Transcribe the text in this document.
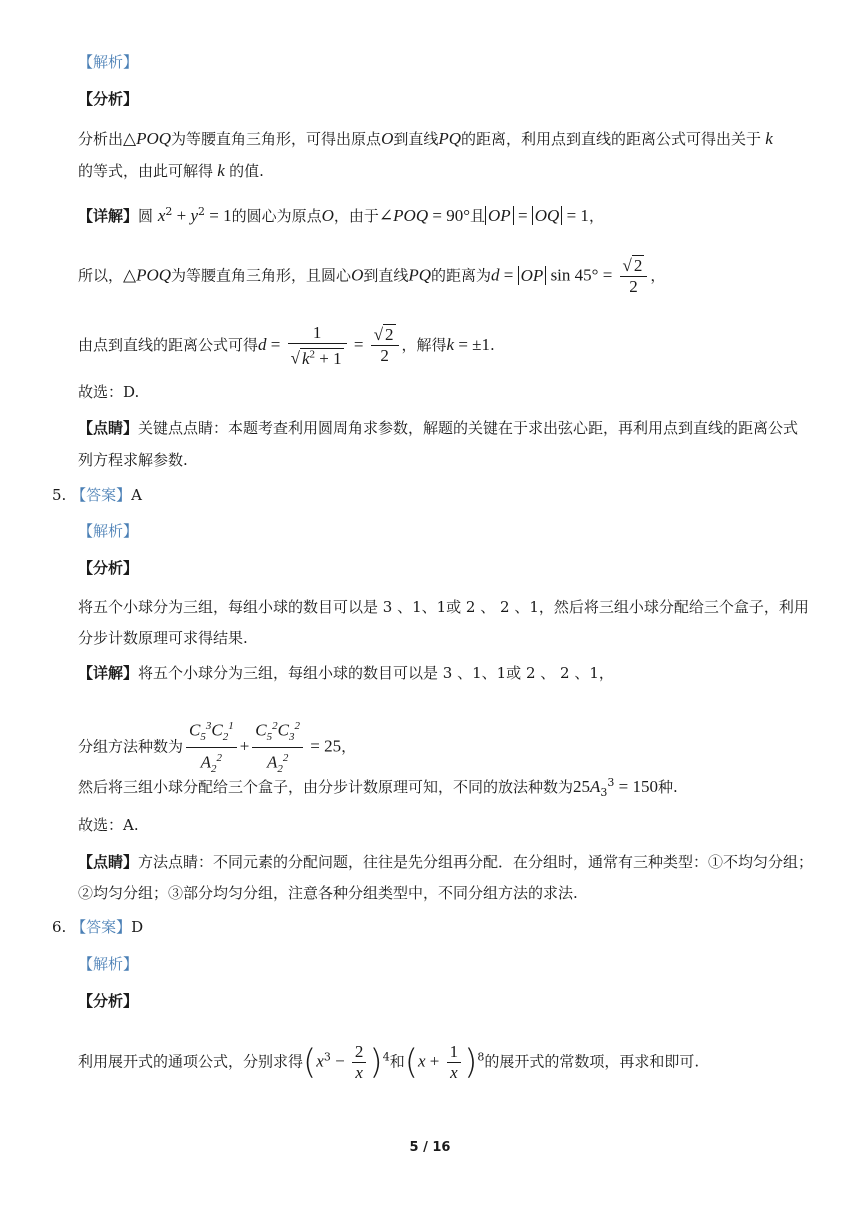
【解析】
【分析】
分析出△POQ为等腰直角三角形，可得出原点O到直线PQ的距离，利用点到直线的距离公式可得出关于 k
的等式，由此可解得 k 的值.
【详解】圆 $x^2 + y^2 = 1$的圆心为原点O，由于∠POQ = 90°且 OP = OQ = 1，
所以，△POQ为等腰直角三角形，且圆心O到直线PQ的距离为d = OP $\sin 45^\circ = \frac{√ 2}{2}$ ，
由点到直线的距离公式可得$d = \frac{1}{√ k^2 + 1} = \frac{√ 2}{2}$ ，解得k = ±1.
故选：D.
【点睛】关键点点睛：本题考查利用圆周角求参数，解题的关键在于求出弦心距，再利用点到直线的距离公式
列方程求解参数.
5. 【答案】A
【解析】
【分析】
将五个小球分为三组，每组小球的数目可以是 3 、1、1或 2 、 2 、1，然后将三组小球分配给三个盒子，利用
分步计数原理可求得结果.
【详解】将五个小球分为三组，每组小球的数目可以是 3 、1、1或 2 、 2 、1，
分组方法种数为 $\frac{C_5^3C_2^1}{A_2^2} + \frac{C_5^2C_3^2}{A_2^2} = 25$，
然后将三组小球分配给三个盒子，由分步计数原理可知，不同的放法种数为$25A_3^3 = 150$种.
故选：A.
【点睛】方法点睛：不同元素的分配问题，往往是先分组再分配．在分组时，通常有三种类型：①不均匀分组；
②均匀分组；③部分均匀分组，注意各种分组类型中，不同分组方法的求法.
6. 【答案】D
【解析】
【分析】
利用展开式的通项公式，分别求得$(x^3 - \frac{2}{x} )^4$和$(x + \frac{1}{x} )^8$的展开式的常数项，再求和即可.
5 / 16
